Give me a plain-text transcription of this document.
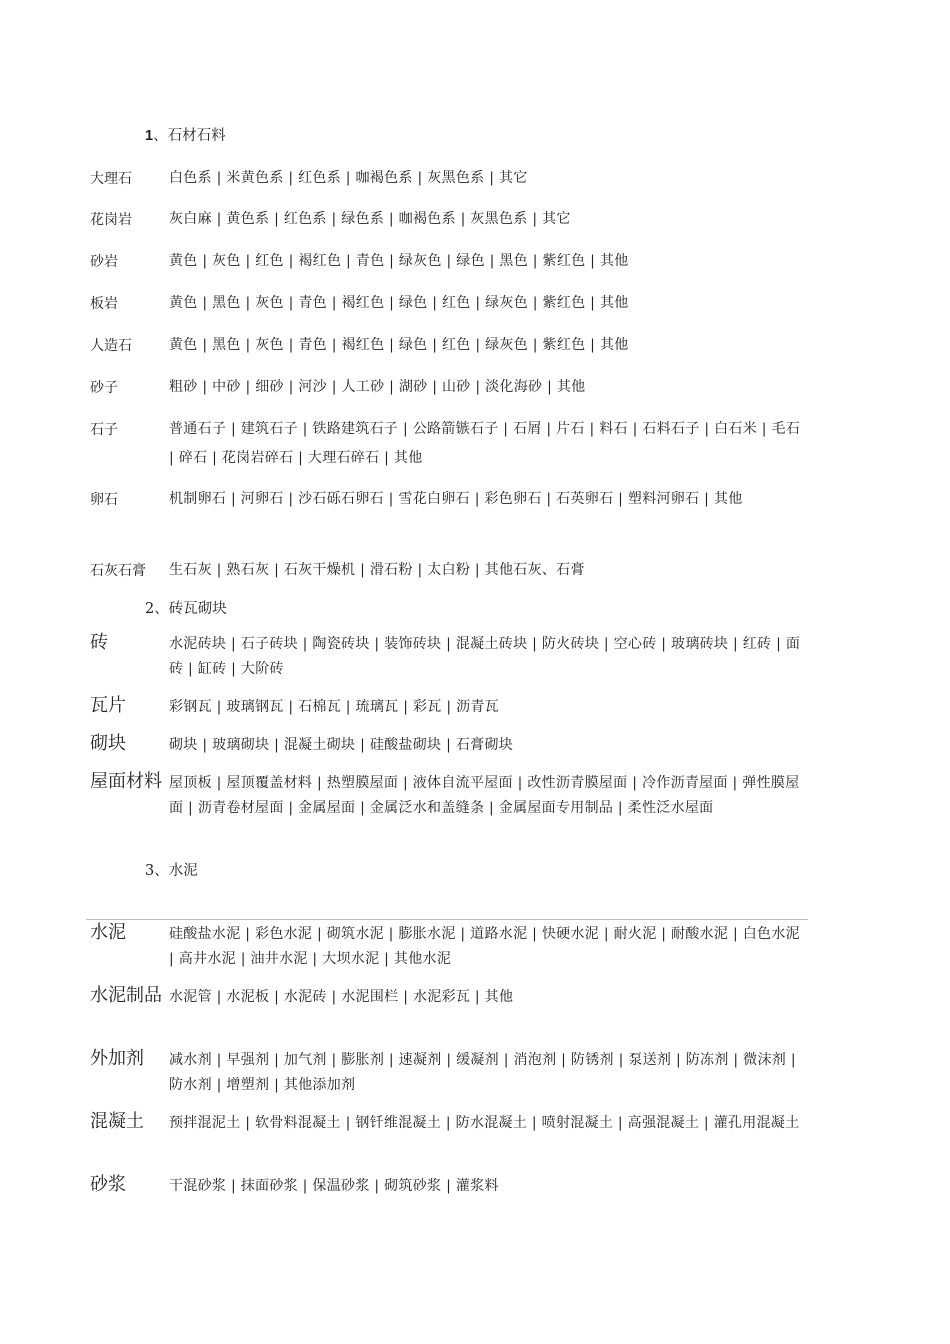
1、石材石料
大理石	白色系 | 米黄色系 | 红色系 | 咖褐色系 | 灰黑色系 | 其它
花岗岩	灰白麻 | 黄色系 | 红色系 | 绿色系 | 咖褐色系 | 灰黑色系 | 其它
砂岩	黄色 | 灰色 | 红色 | 褐红色 | 青色 | 绿灰色 | 绿色 | 黑色 | 紫红色 | 其他
板岩	黄色 | 黑色 | 灰色 | 青色 | 褐红色 | 绿色 | 红色 | 绿灰色 | 紫红色 | 其他
人造石	黄色 | 黑色 | 灰色 | 青色 | 褐红色 | 绿色 | 红色 | 绿灰色 | 紫红色 | 其他
砂子	粗砂 | 中砂 | 细砂 | 河沙 | 人工砂 | 湖砂 | 山砂 | 淡化海砂 | 其他
石子	普通石子 | 建筑石子 | 铁路建筑石子 | 公路箭镞石子 | 石屑 | 片石 | 料石 | 石料石子 | 白石米 | 毛石 | 碎石 | 花岗岩碎石 | 大理石碎石 | 其他
卵石	机制卵石 | 河卵石 | 沙石砾石卵石 | 雪花白卵石 | 彩色卵石 | 石英卵石 | 塑料河卵石 | 其他
石灰石膏	生石灰 | 熟石灰 | 石灰干燥机 | 滑石粉 | 太白粉 | 其他石灰、石膏
2、砖瓦砌块
砖	水泥砖块 | 石子砖块 | 陶瓷砖块 | 装饰砖块 | 混凝土砖块 | 防火砖块 | 空心砖 | 玻璃砖块 | 红砖 | 面砖 | 缸砖 | 大阶砖
瓦片	彩钢瓦 | 玻璃钢瓦 | 石棉瓦 | 琉璃瓦 | 彩瓦 | 沥青瓦
砌块	砌块 | 玻璃砌块 | 混凝土砌块 | 硅酸盐砌块 | 石膏砌块
屋面材料 屋顶板 | 屋顶覆盖材料 | 热塑膜屋面 | 液体自流平屋面 | 改性沥青膜屋面 | 冷作沥青屋面 | 弹性膜屋面 | 沥青卷材屋面 | 金属屋面 | 金属泛水和盖缝条 | 金属屋面专用制品 | 柔性泛水屋面
3、水泥
水泥	硅酸盐水泥 | 彩色水泥 | 砌筑水泥 | 膨胀水泥 | 道路水泥 | 快硬水泥 | 耐火泥 | 耐酸水泥 | 白色水泥 | 高井水泥 | 油井水泥 | 大坝水泥 | 其他水泥
水泥制品 水泥管 | 水泥板 | 水泥砖 | 水泥围栏 | 水泥彩瓦 | 其他
外加剂	减水剂 | 早强剂 | 加气剂 | 膨胀剂 | 速凝剂 | 缓凝剂 | 消泡剂 | 防锈剂 | 泵送剂 | 防冻剂 | 微沫剂 | 防水剂 | 增塑剂 | 其他添加剂
混凝土	预拌混泥土 | 软骨料混凝土 | 钢钎维混凝土 | 防水混凝土 | 喷射混凝土 | 高强混凝土 | 灌孔用混凝土
砂浆	干混砂浆 | 抹面砂浆 | 保温砂浆 | 砌筑砂浆 | 灌浆料
